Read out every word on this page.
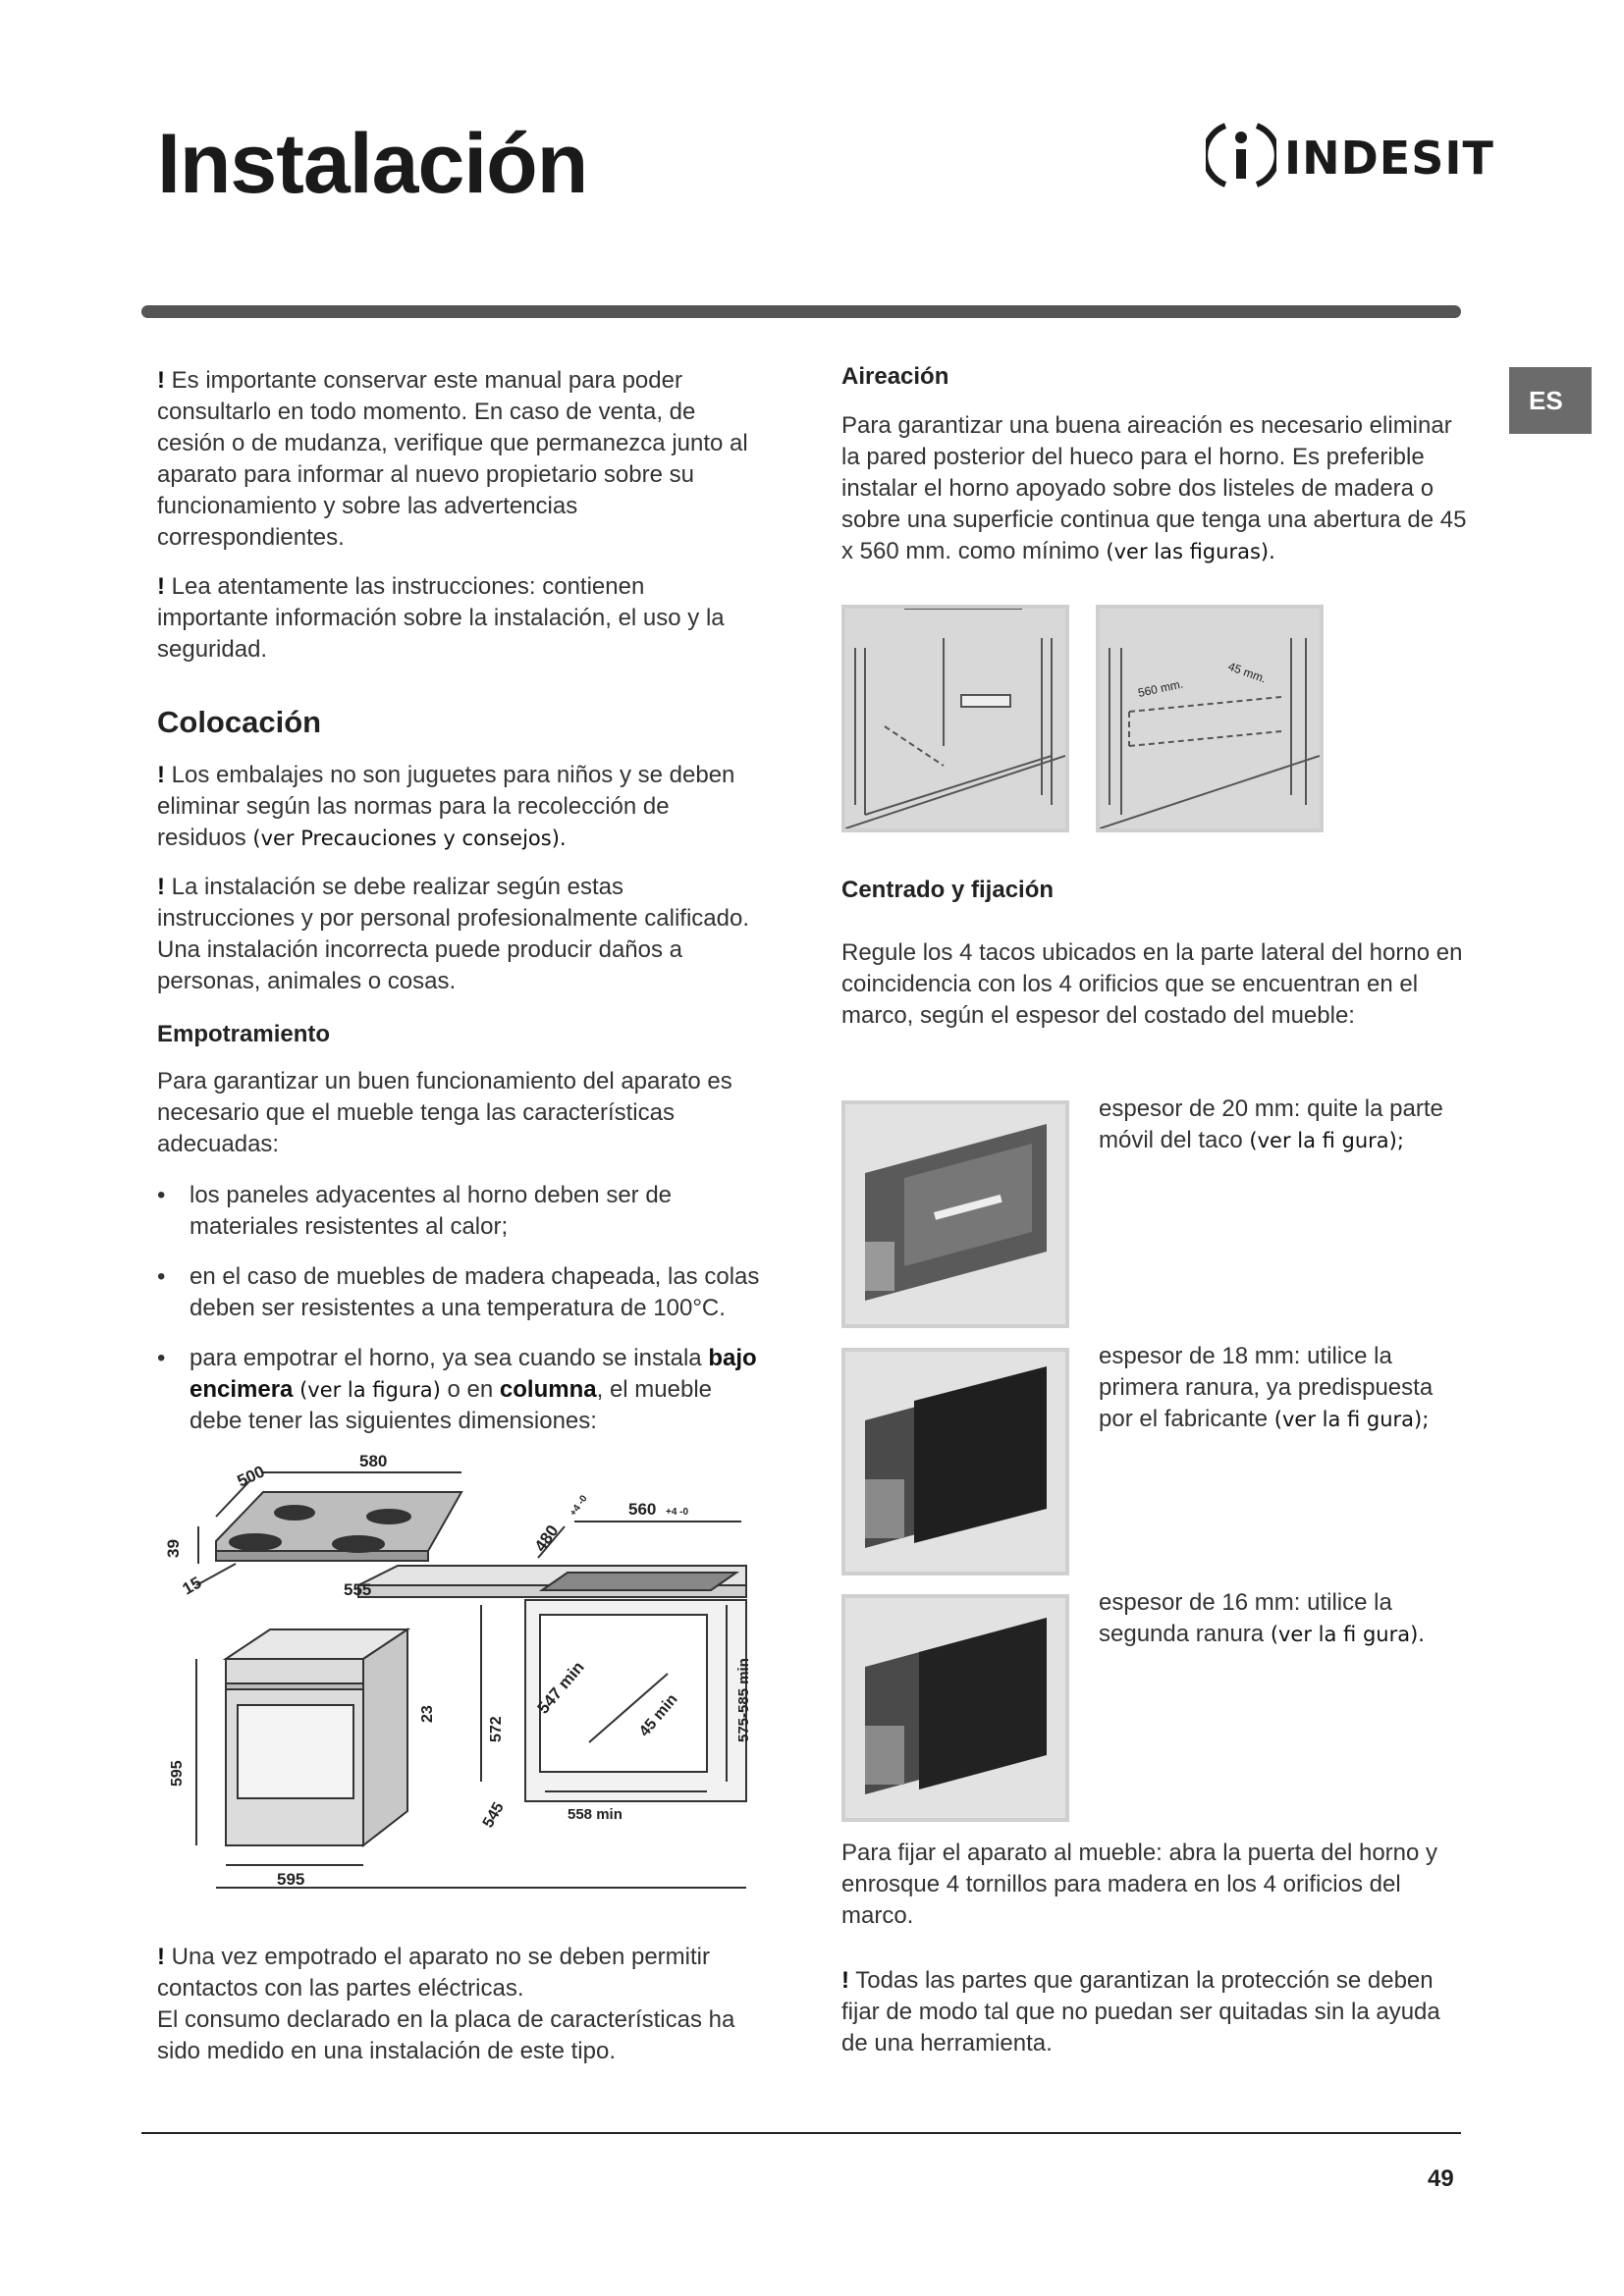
Instalación	INDESIT
ES

! Es importante conservar este manual para poder consultarlo en todo momento. En caso de venta, de cesión o de mudanza, verifique que permanezca junto al aparato para informar al nuevo propietario sobre su funcionamiento y sobre las advertencias correspondientes.

! Lea atentamente las instrucciones: contienen importante información sobre la instalación, el uso y la seguridad.

Colocación

! Los embalajes no son juguetes para niños y se deben eliminar según las normas para la recolección de residuos (ver Precauciones y consejos).

! La instalación se debe realizar según estas instrucciones y por personal profesionalmente calificado. Una instalación incorrecta puede producir daños a personas, animales o cosas.

Empotramiento

Para garantizar un buen funcionamiento del aparato es necesario que el mueble tenga las características adecuadas:

• los paneles adyacentes al horno deben ser de materiales resistentes al calor;
• en el caso de muebles de madera chapeada, las colas deben ser resistentes a una temperatura de 100°C.
• para empotrar el horno, ya sea cuando se instala bajo encimera (ver la figura) o en columna, el mueble debe tener las siguientes dimensiones:
580
500
39
15
480
+4 -0 560 +4 -0
555
23
572
547 min	45 min	575-585 min
595
545	558 min
595

! Una vez empotrado el aparato no se deben permitir contactos con las partes eléctricas.

El consumo declarado en la placa de características ha sido medido en una instalación de este tipo.

Aireación

Para garantizar una buena aireación es necesario eliminar la pared posterior del hueco para el horno. Es preferible instalar el horno apoyado sobre dos listeles de madera o sobre una superficie continua que tenga una abertura de 45 x 560 mm. como mínimo (ver las figuras).

560 mm.
45 mm.
Centrado y fijación

Regule los 4 tacos ubicados en la parte lateral del horno en coincidencia con los 4 orificios que se encuentran en el marco, según el espesor del costado del mueble:

espesor de 20 mm: quite la parte móvil del taco (ver la fi gura);

espesor de 18 mm: utilice la primera ranura, ya predispuesta por el fabricante (ver la fi gura);

espesor de 16 mm: utilice la segunda ranura (ver la fi gura).

Para fijar el aparato al mueble: abra la puerta del horno y enrosque 4 tornillos para madera en los 4 orificios del marco.

! Todas las partes que garantizan la protección se deben fijar de modo tal que no puedan ser quitadas sin la ayuda de una herramienta.

49
